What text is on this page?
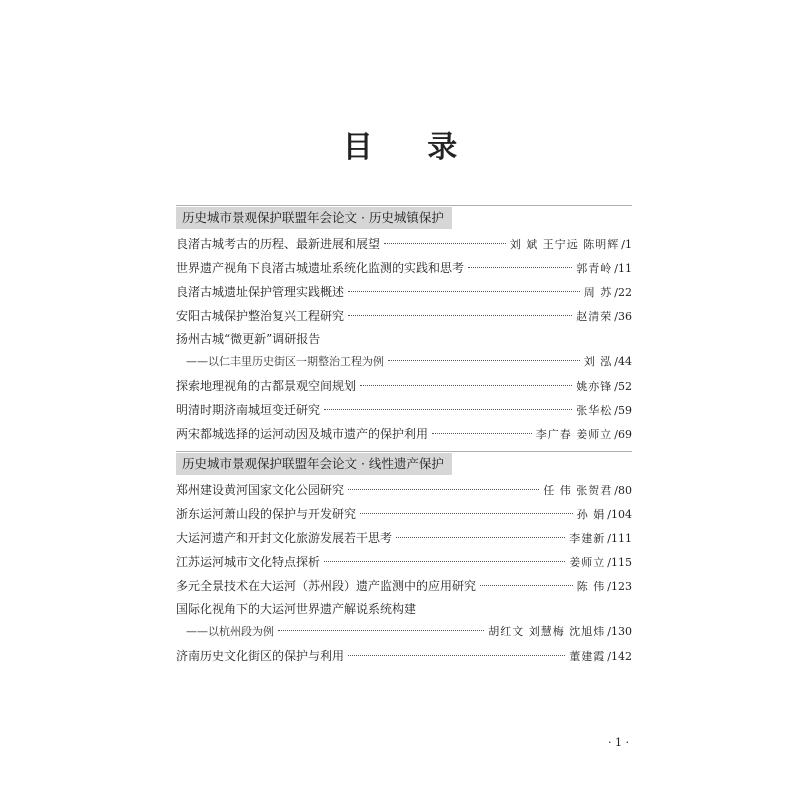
目 录
历史城市景观保护联盟年会论文 · 历史城镇保护
良渚古城考古的历程、最新进展和展望	刘 斌 王宁远 陈明辉 /1
世界遗产视角下良渚古城遗址系统化监测的实践和思考	郭青岭 /11
良渚古城遗址保护管理实践概述	周 苏 /22
安阳古城保护整治复兴工程研究	赵清荣 /36
扬州古城“微更新”调研报告
——以仁丰里历史街区一期整治工程为例	刘 泓 /44
探索地理视角的古都景观空间规划	姚亦锋 /52
明清时期济南城垣变迁研究	张华松 /59
两宋都城选择的运河动因及城市遗产的保护利用	李广春 姜师立 /69
历史城市景观保护联盟年会论文 · 线性遗产保护
郑州建设黄河国家文化公园研究	任 伟 张贺君 /80
浙东运河萧山段的保护与开发研究	孙 娟 /104
大运河遗产和开封文化旅游发展若干思考	李建新 /111
江苏运河城市文化特点探析	姜师立 /115
多元全景技术在大运河（苏州段）遗产监测中的应用研究	陈 伟 /123
国际化视角下的大运河世界遗产解说系统构建
——以杭州段为例	胡红文 刘慧梅 沈旭炜 /130
济南历史文化街区的保护与利用	董建霞 /142
· 1 ·
